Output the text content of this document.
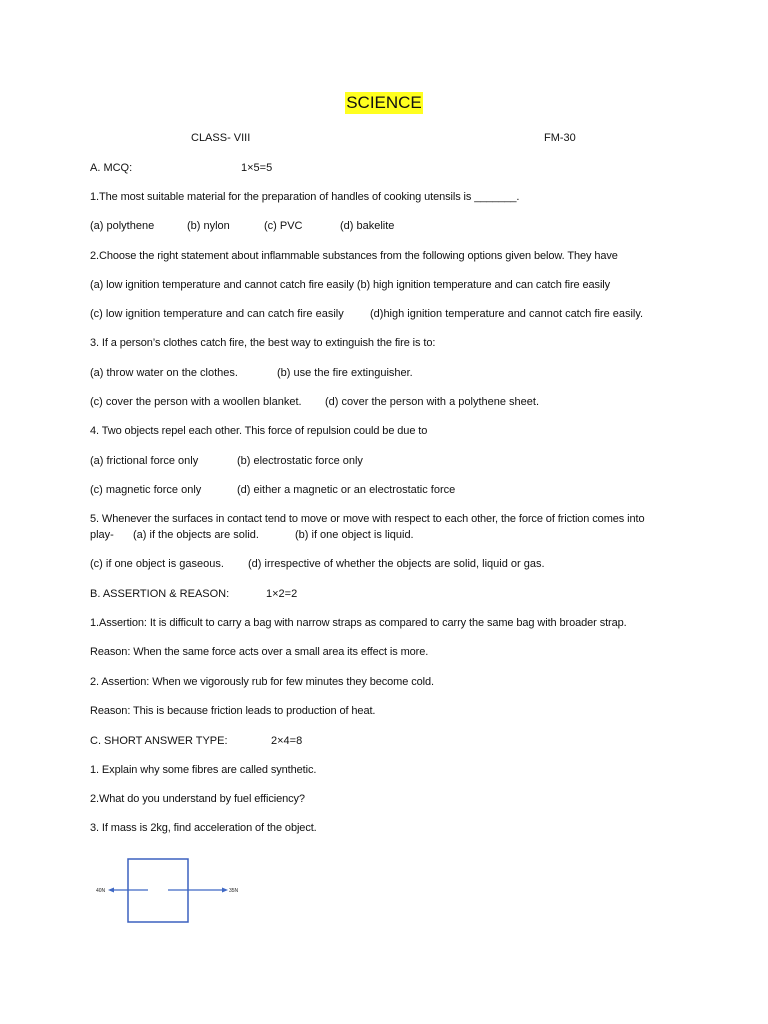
SCIENCE
CLASS- VIII	FM-30
A. MCQ:	1×5=5
1.The most suitable material for the preparation of handles of cooking utensils is _______.
(a) polythene	(b) nylon	(c) PVC	(d) bakelite
2.Choose the right statement about inflammable substances from the following options given below. They have
(a) low ignition temperature and cannot catch fire easily (b) high ignition temperature and can catch fire easily
(c) low ignition temperature and can catch fire easily (d)high ignition temperature and cannot catch fire easily.
3. If a person’s clothes catch fire, the best way to extinguish the fire is to:
(a) throw water on the clothes.	(b) use the fire extinguisher.
(c) cover the person with a woollen blanket. (d) cover the person with a polythene sheet.
4. Two objects repel each other. This force of repulsion could be due to
(a) frictional force only	(b) electrostatic force only
(c) magnetic force only	(d) either a magnetic or an electrostatic force
5. Whenever the surfaces in contact tend to move or move with respect to each other, the force of friction comes into
play- (a) if the objects are solid.	(b) if one object is liquid.
(c) if one object is gaseous. (d) irrespective of whether the objects are solid, liquid or gas.
B. ASSERTION & REASON:	1×2=2
1.Assertion: It is difficult to carry a bag with narrow straps as compared to carry the same bag with broader strap.
Reason: When the same force acts over a small area its effect is more.
2. Assertion: When we vigorously rub for few minutes they become cold.
Reason: This is because friction leads to production of heat.
C. SHORT ANSWER TYPE:	2×4=8
1. Explain why some fibres are called synthetic.
2.What do you understand by fuel efficiency?
3. If mass is 2kg, find acceleration of the object.
40N	35N
